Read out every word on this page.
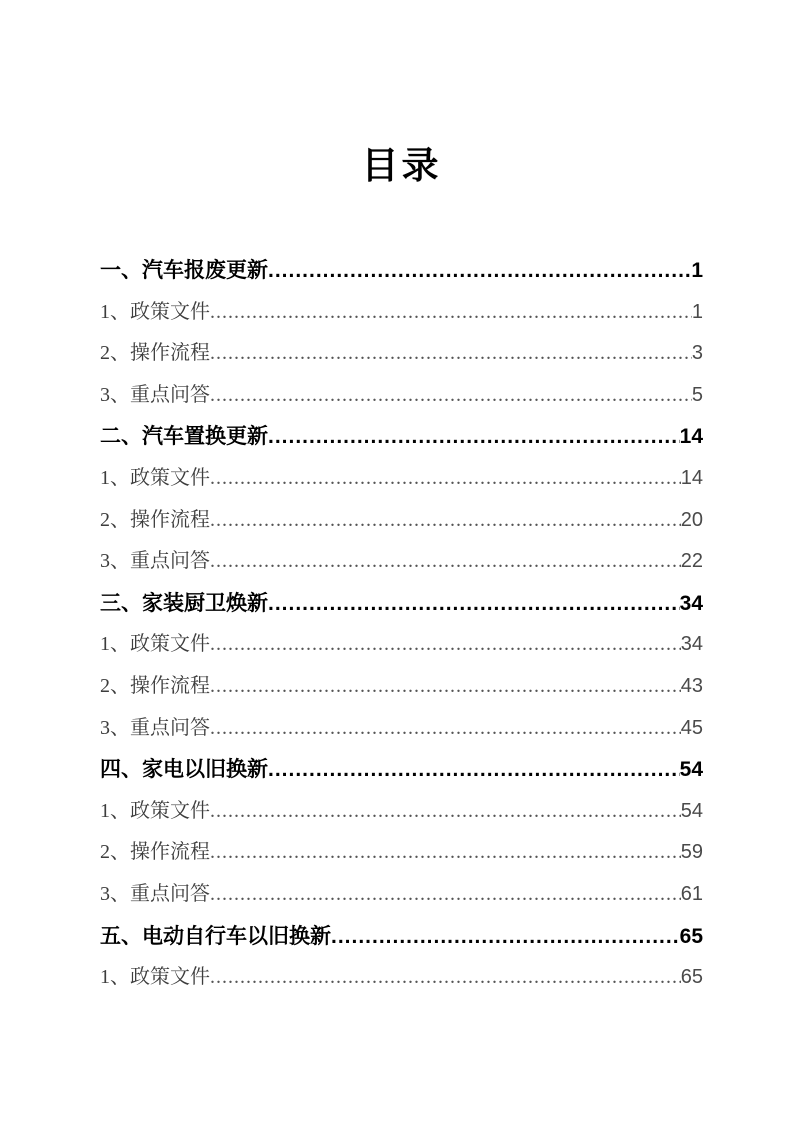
目录
一、汽车报废更新 .....	1
1、政策文件 .....	1
2、操作流程 .....	3
3、重点问答 .....	5
二、汽车置换更新 .....	14
1、政策文件 .....	14
2、操作流程 .....	20
3、重点问答 .....	22
三、家装厨卫焕新 .....	34
1、政策文件 .....	34
2、操作流程 .....	43
3、重点问答 .....	45
四、家电以旧换新 .....	54
1、政策文件 .....	54
2、操作流程 .....	59
3、重点问答 .....	61
五、电动自行车以旧换新 .....	65
1、政策文件 .....	65
